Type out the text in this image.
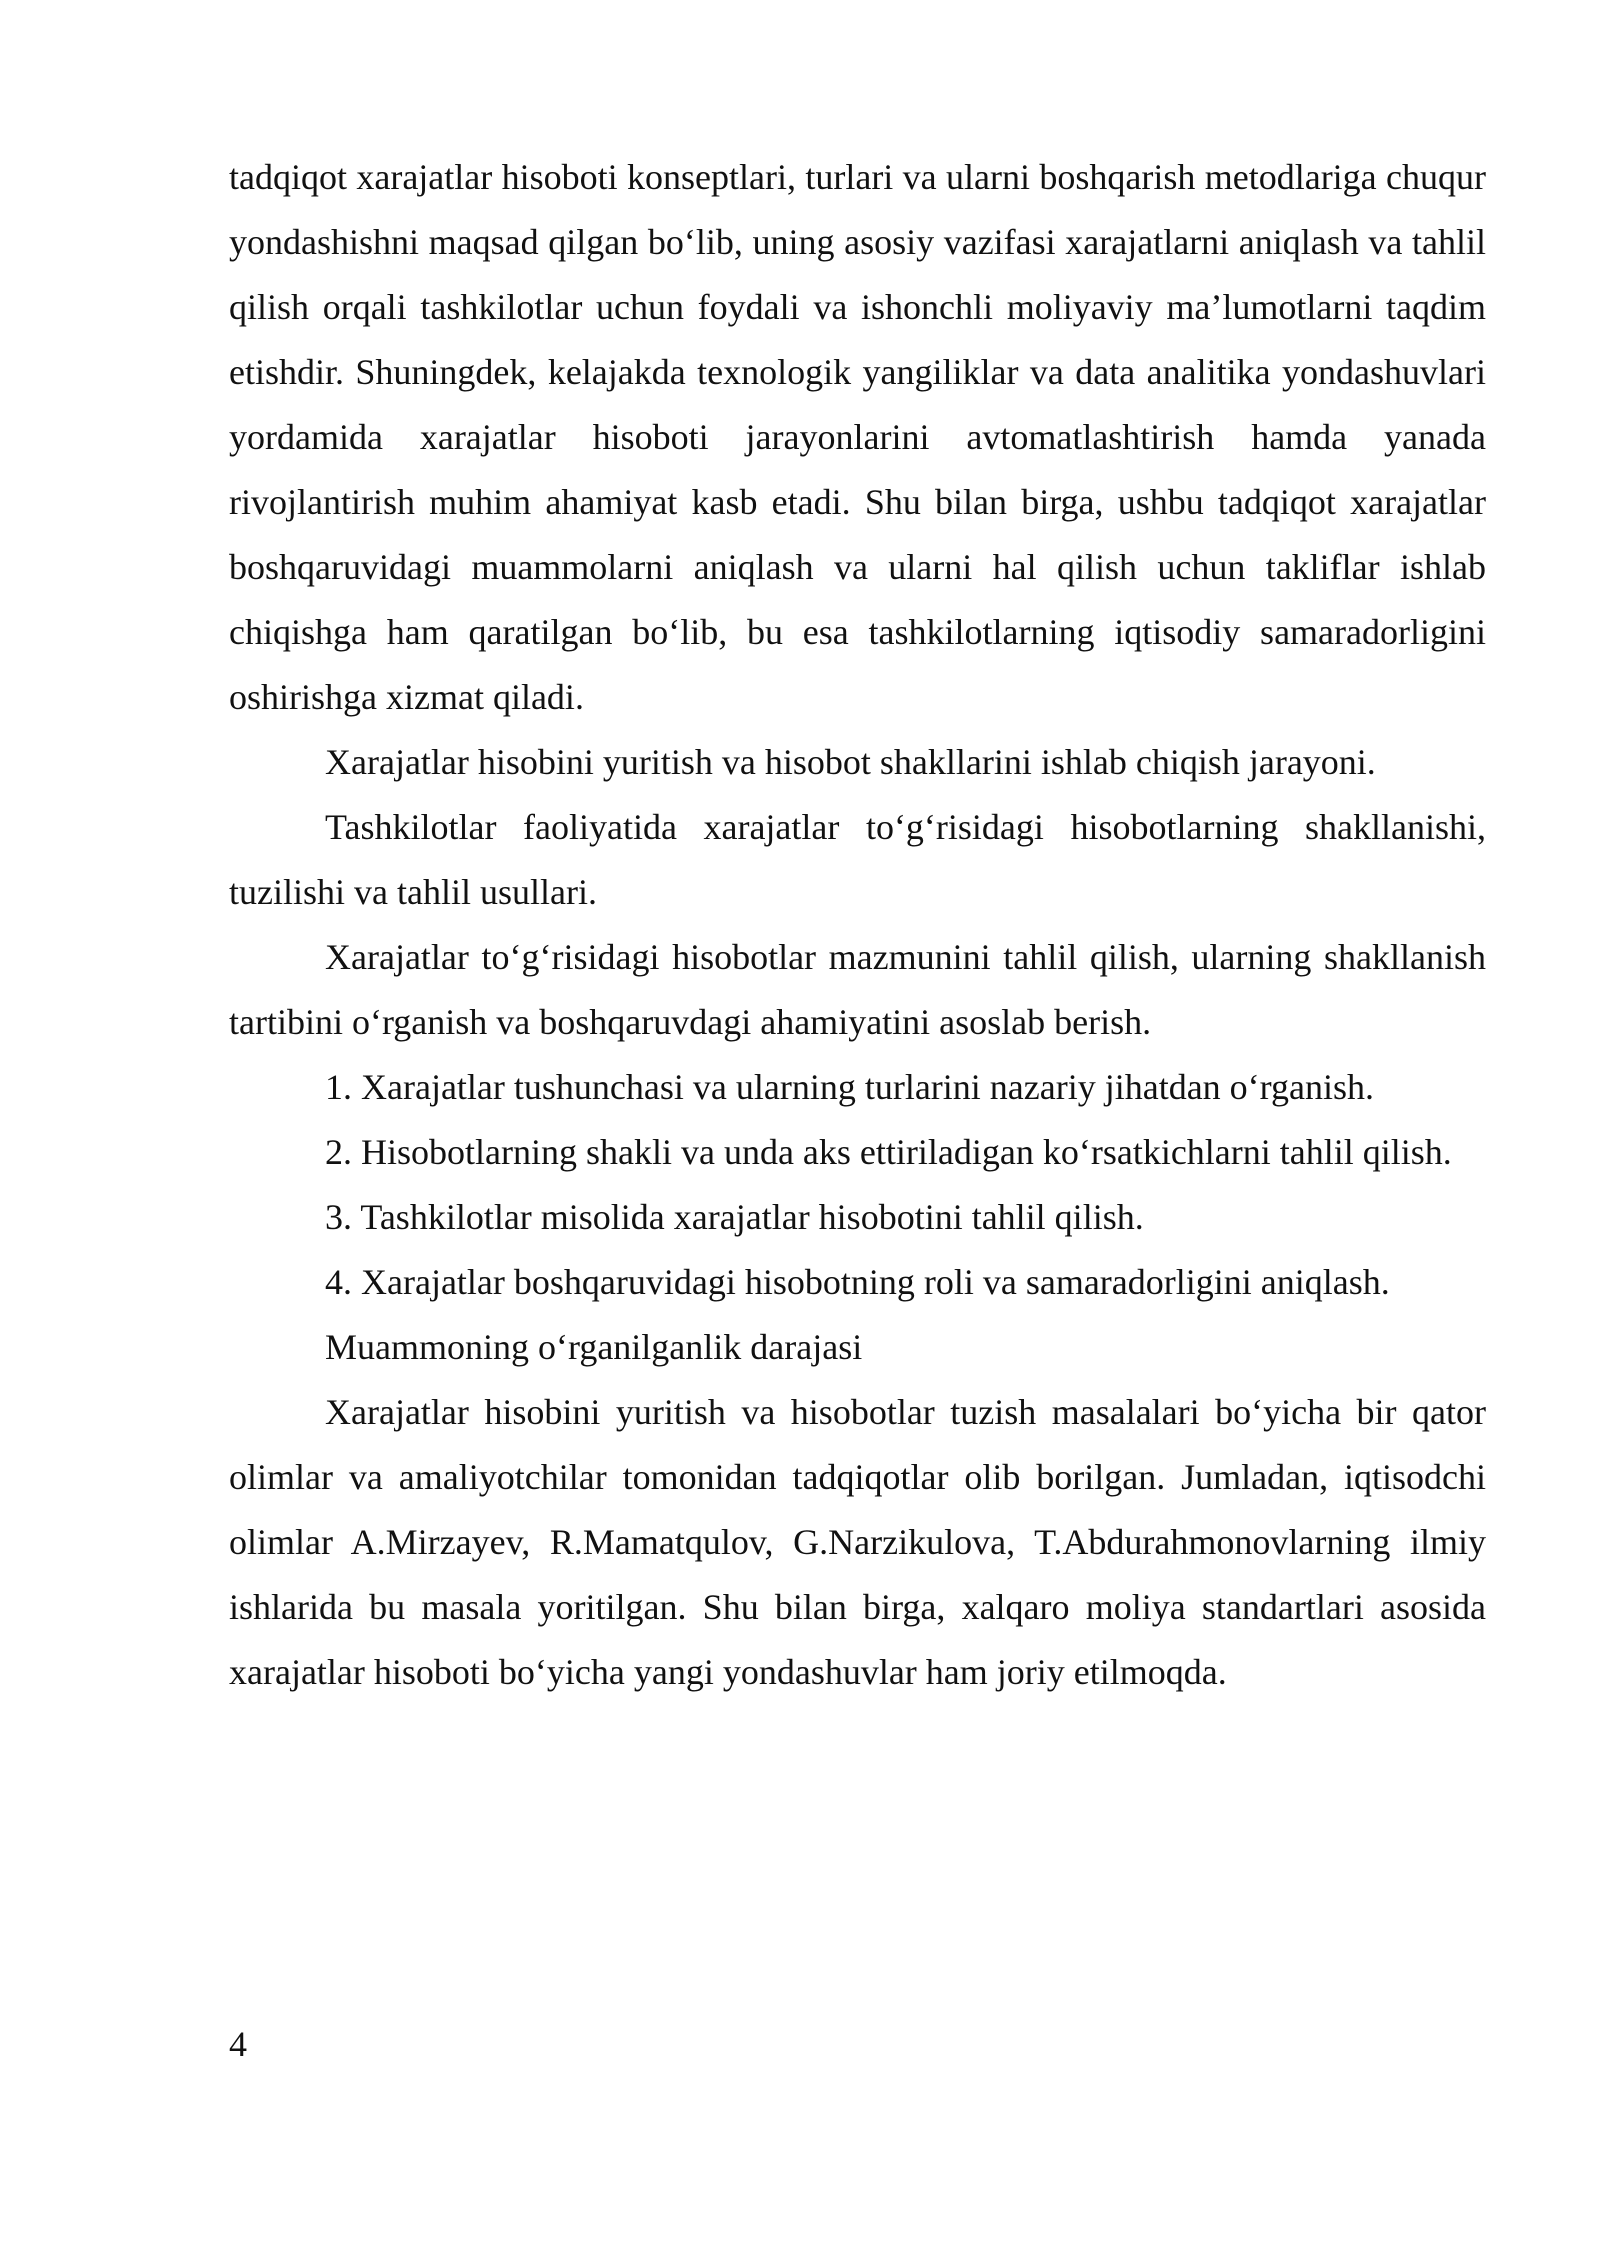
tadqiqot xarajatlar hisoboti konseptlari, turlari va ularni boshqarish metodlariga chuqur yondashishni maqsad qilgan bo‘lib, uning asosiy vazifasi xarajatlarni aniqlash va tahlil qilish orqali tashkilotlar uchun foydali va ishonchli moliyaviy ma’lumotlarni taqdim etishdir. Shuningdek, kelajakda texnologik yangiliklar va data analitika yondashuvlari yordamida xarajatlar hisoboti jarayonlarini avtomatlashtirish hamda yanada rivojlantirish muhim ahamiyat kasb etadi. Shu bilan birga, ushbu tadqiqot xarajatlar boshqaruvidagi muammolarni aniqlash va ularni hal qilish uchun takliflar ishlab chiqishga ham qaratilgan bo‘lib, bu esa tashkilotlarning iqtisodiy samaradorligini oshirishga xizmat qiladi.

Xarajatlar hisobini yuritish va hisobot shakllarini ishlab chiqish jarayoni.

Tashkilotlar faoliyatida xarajatlar to‘g‘risidagi hisobotlarning shakllanishi, tuzilishi va tahlil usullari.

Xarajatlar to‘g‘risidagi hisobotlar mazmunini tahlil qilish, ularning shakllanish tartibini o‘rganish va boshqaruvdagi ahamiyatini asoslab berish.

1. Xarajatlar tushunchasi va ularning turlarini nazariy jihatdan o‘rganish.

2. Hisobotlarning shakli va unda aks ettiriladigan ko‘rsatkichlarni tahlil qilish.

3. Tashkilotlar misolida xarajatlar hisobotini tahlil qilish.

4. Xarajatlar boshqaruvidagi hisobotning roli va samaradorligini aniqlash.

Muammoning o‘rganilganlik darajasi

Xarajatlar hisobini yuritish va hisobotlar tuzish masalalari bo‘yicha bir qator olimlar va amaliyotchilar tomonidan tadqiqotlar olib borilgan. Jumladan, iqtisodchi olimlar A.Mirzayev, R.Mamatqulov, G.Narzikulova, T.Abdurahmonovlarning ilmiy ishlarida bu masala yoritilgan. Shu bilan birga, xalqaro moliya standartlari asosida xarajatlar hisoboti bo‘yicha yangi yondashuvlar ham joriy etilmoqda.

4
